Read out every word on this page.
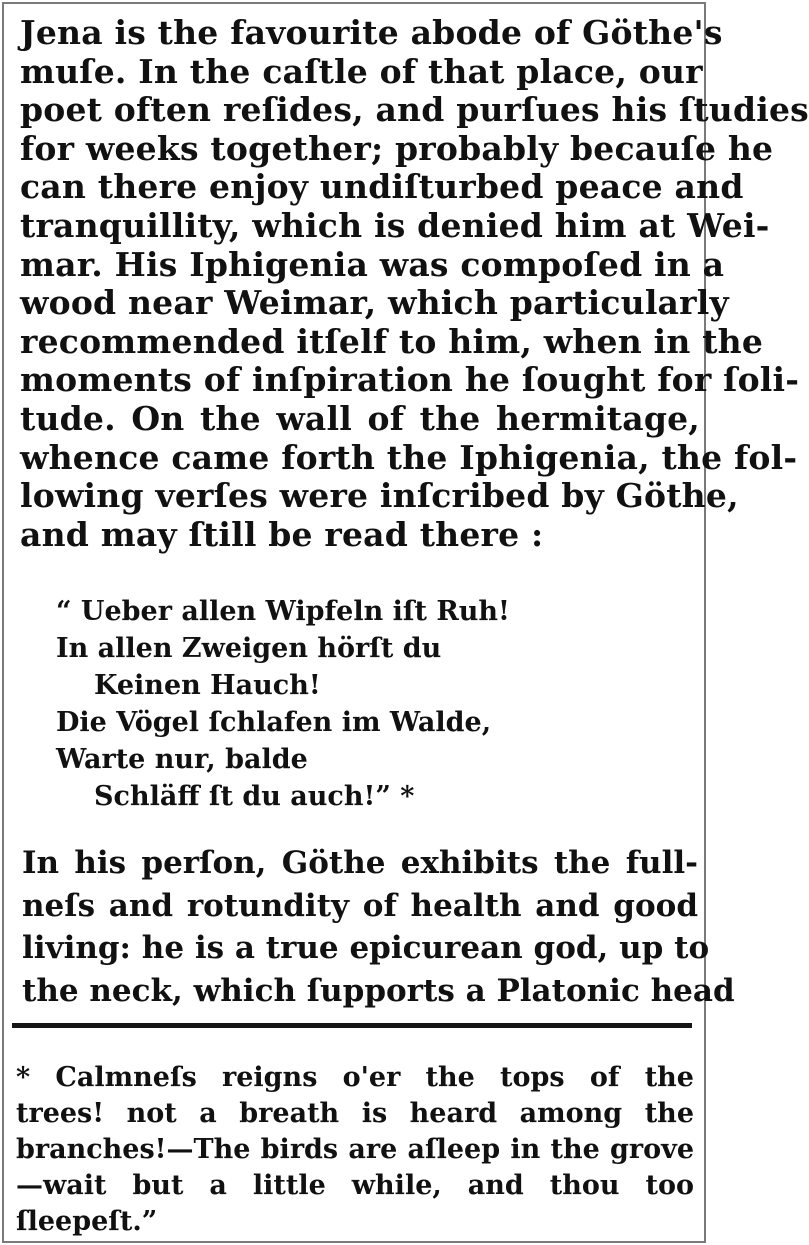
Jena is the favourite abode of Göthe's
muſe. In the caſtle of that place, our
poet often reſides, and purſues his ſtudies
for weeks together; probably becauſe he
can there enjoy undiſturbed peace and
tranquillity, which is denied him at Wei-
mar. His Iphigenia was compoſed in a
wood near Weimar, which particularly
recommended itſelf to him, when in the
moments of inſpiration he ſought for ſoli-
tude. On the wall of the hermitage,
whence came forth the Iphigenia, the fol-
lowing verſes were inſcribed by Göthe,
and may ſtill be read there :
“ Ueber allen Wipfeln iſt Ruh!
In allen Zweigen hörſt du
Keinen Hauch!
Die Vögel ſchlafen im Walde,
Warte nur, balde
Schläff ſt du auch!” *
In his perſon, Göthe exhibits the full-
neſs and rotundity of health and good
living: he is a true epicurean god, up to
the neck, which ſupports a Platonic head
* Calmneſs reigns o'er the tops of the
trees! not a breath is heard among the
branches!—The birds are aſleep in the grove
—wait but a little while, and thou too
ſleepeſt.”
